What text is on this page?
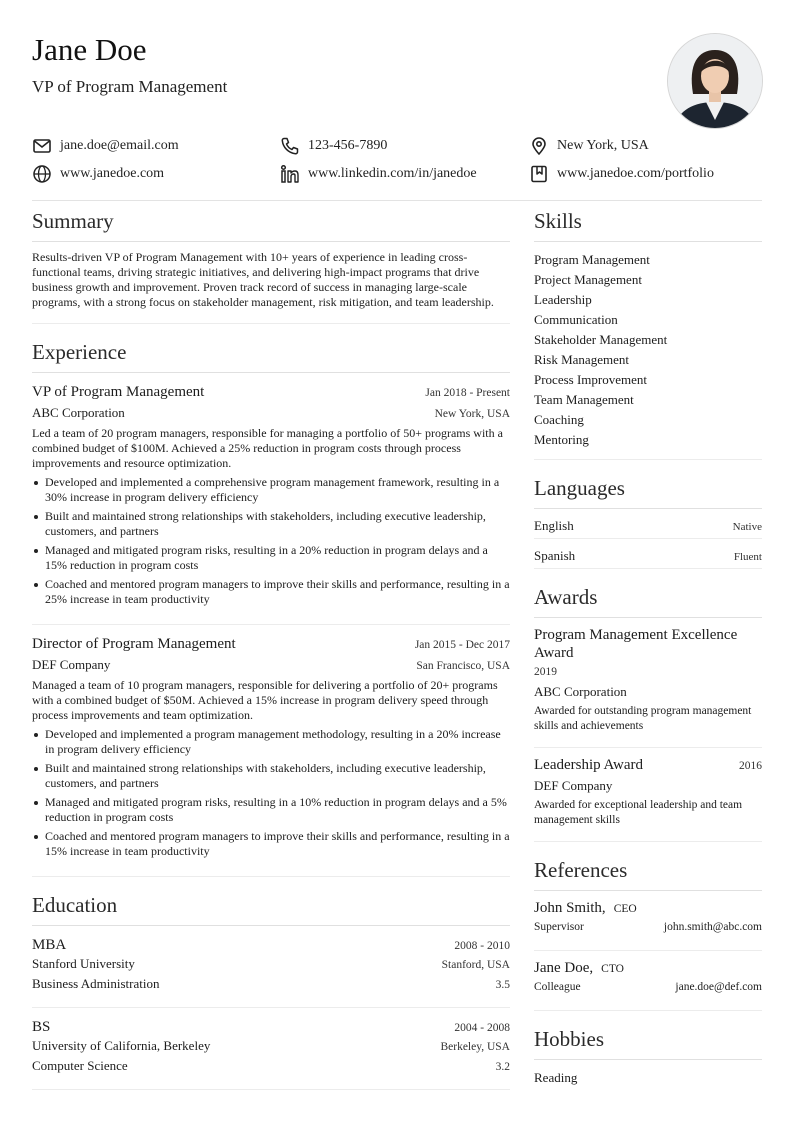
Jane Doe
VP of Program Management
jane.doe@email.com	123-456-7890	New York, USA
www.janedoe.com	www.linkedin.com/in/janedoe	www.janedoe.com/portfolio
Summary
Results-driven VP of Program Management with 10+ years of experience in leading cross-functional teams, driving strategic initiatives, and delivering high-impact programs that drive business growth and improvement. Proven track record of success in managing large-scale programs, with a strong focus on stakeholder management, risk mitigation, and team leadership.
Experience
VP of Program Management	Jan 2018 - Present
ABC Corporation	New York, USA
Led a team of 20 program managers, responsible for managing a portfolio of 50+ programs with a combined budget of $100M. Achieved a 25% reduction in program costs through process improvements and resource optimization.
Developed and implemented a comprehensive program management framework, resulting in a 30% increase in program delivery efficiency
Built and maintained strong relationships with stakeholders, including executive leadership, customers, and partners
Managed and mitigated program risks, resulting in a 20% reduction in program delays and a 15% reduction in program costs
Coached and mentored program managers to improve their skills and performance, resulting in a 25% increase in team productivity
Director of Program Management	Jan 2015 - Dec 2017
DEF Company	San Francisco, USA
Managed a team of 10 program managers, responsible for delivering a portfolio of 20+ programs with a combined budget of $50M. Achieved a 15% increase in program delivery speed through process improvements and team optimization.
Developed and implemented a program management methodology, resulting in a 20% increase in program delivery efficiency
Built and maintained strong relationships with stakeholders, including executive leadership, customers, and partners
Managed and mitigated program risks, resulting in a 10% reduction in program delays and a 5% reduction in program costs
Coached and mentored program managers to improve their skills and performance, resulting in a 15% increase in team productivity
Education
MBA	2008 - 2010
Stanford University	Stanford, USA
Business Administration	3.5
BS	2004 - 2008
University of California, Berkeley	Berkeley, USA
Computer Science	3.2
Skills
Program Management
Project Management
Leadership
Communication
Stakeholder Management
Risk Management
Process Improvement
Team Management
Coaching
Mentoring
Languages
English	Native
Spanish	Fluent
Awards
Program Management Excellence Award
2019
ABC Corporation
Awarded for outstanding program management skills and achievements
Leadership Award	2016
DEF Company
Awarded for exceptional leadership and team management skills
References
John Smith, CEO
Supervisor	john.smith@abc.com
Jane Doe, CTO
Colleague	jane.doe@def.com
Hobbies
Reading
